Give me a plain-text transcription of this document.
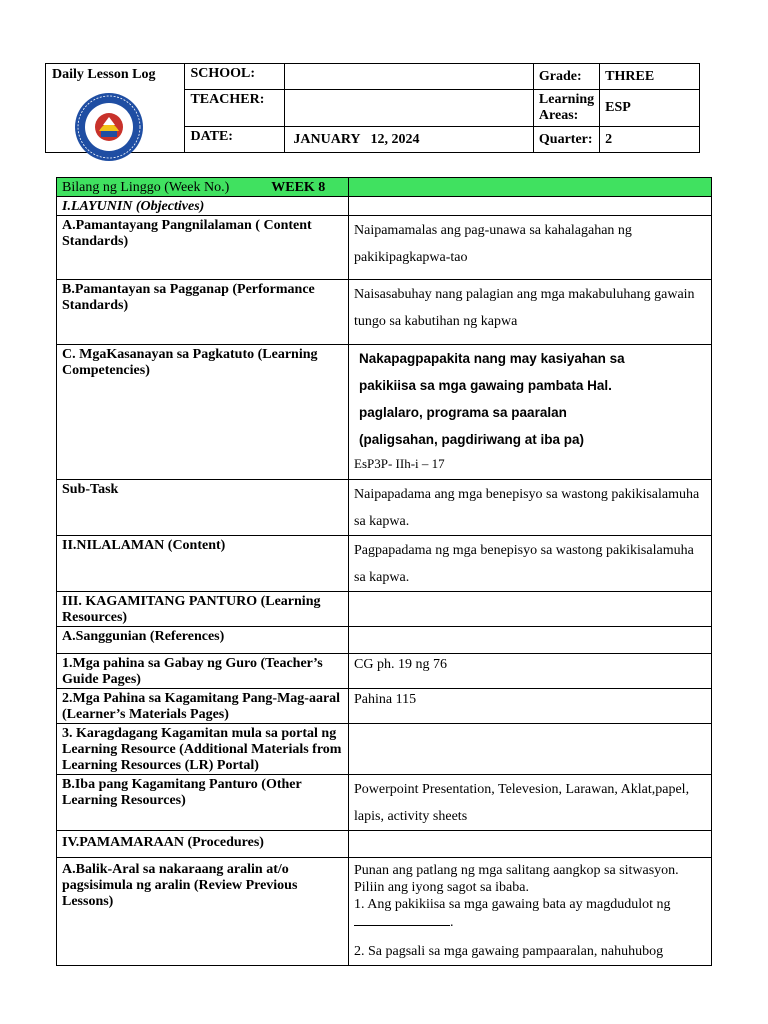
Daily Lesson Log	SCHOOL:		Grade:	THREE
	TEACHER:		Learning Areas:	ESP
	DATE:	JANUARY   12, 2024	Quarter:	2
Bilang ng Linggo (Week No.) WEEK 8	
I.LAYUNIN (Objectives)	
A.Pamantayang Pangnilalaman ( Content Standards)	Naipamamalas ang pag-unawa sa kahalagahan ng pakikipagkapwa-tao
B.Pamantayan sa Pagganap (Performance Standards)	Naisasabuhay nang palagian ang mga makabuluhang gawain tungo sa kabutihan ng kapwa
C. MgaKasanayan sa Pagkatuto (Learning Competencies)	Nakapagpapakita nang may kasiyahan sa
pakikiisa sa mga gawaing pambata Hal.
paglalaro, programa sa paaralan
(paligsahan, pagdiriwang at iba pa)
EsP3P- IIh-i – 17

Sub-Task	Naipapadama ang mga benepisyo sa wastong pakikisalamuha sa kapwa.
II.NILALAMAN (Content)	Pagpapadama ng mga benepisyo sa wastong pakikisalamuha sa kapwa.
III. KAGAMITANG PANTURO (Learning Resources)	
A.Sanggunian (References)	
1.Mga pahina sa Gabay ng Guro (Teacher’s Guide Pages)	CG ph. 19 ng 76
2.Mga Pahina sa Kagamitang Pang-Mag-aaral (Learner’s Materials Pages)	Pahina 115
3. Karagdagang Kagamitan mula sa portal ng Learning Resource (Additional Materials from Learning Resources (LR) Portal)	
B.Iba pang Kagamitang Panturo (Other Learning Resources)	Powerpoint Presentation, Televesion, Larawan, Aklat,papel, lapis, activity sheets
IV.PAMAMARAAN (Procedures)	
A.Balik-Aral sa nakaraang aralin at/o pagsisimula ng aralin (Review Previous Lessons)	Punan ang patlang ng mga salitang aangkop sa sitwasyon. Piliin ang iyong sagot sa ibaba.
1. Ang pakikiisa sa mga gawaing bata ay magdudulot ng
.
2. Sa pagsali sa mga gawaing pampaaralan, nahuhubog
